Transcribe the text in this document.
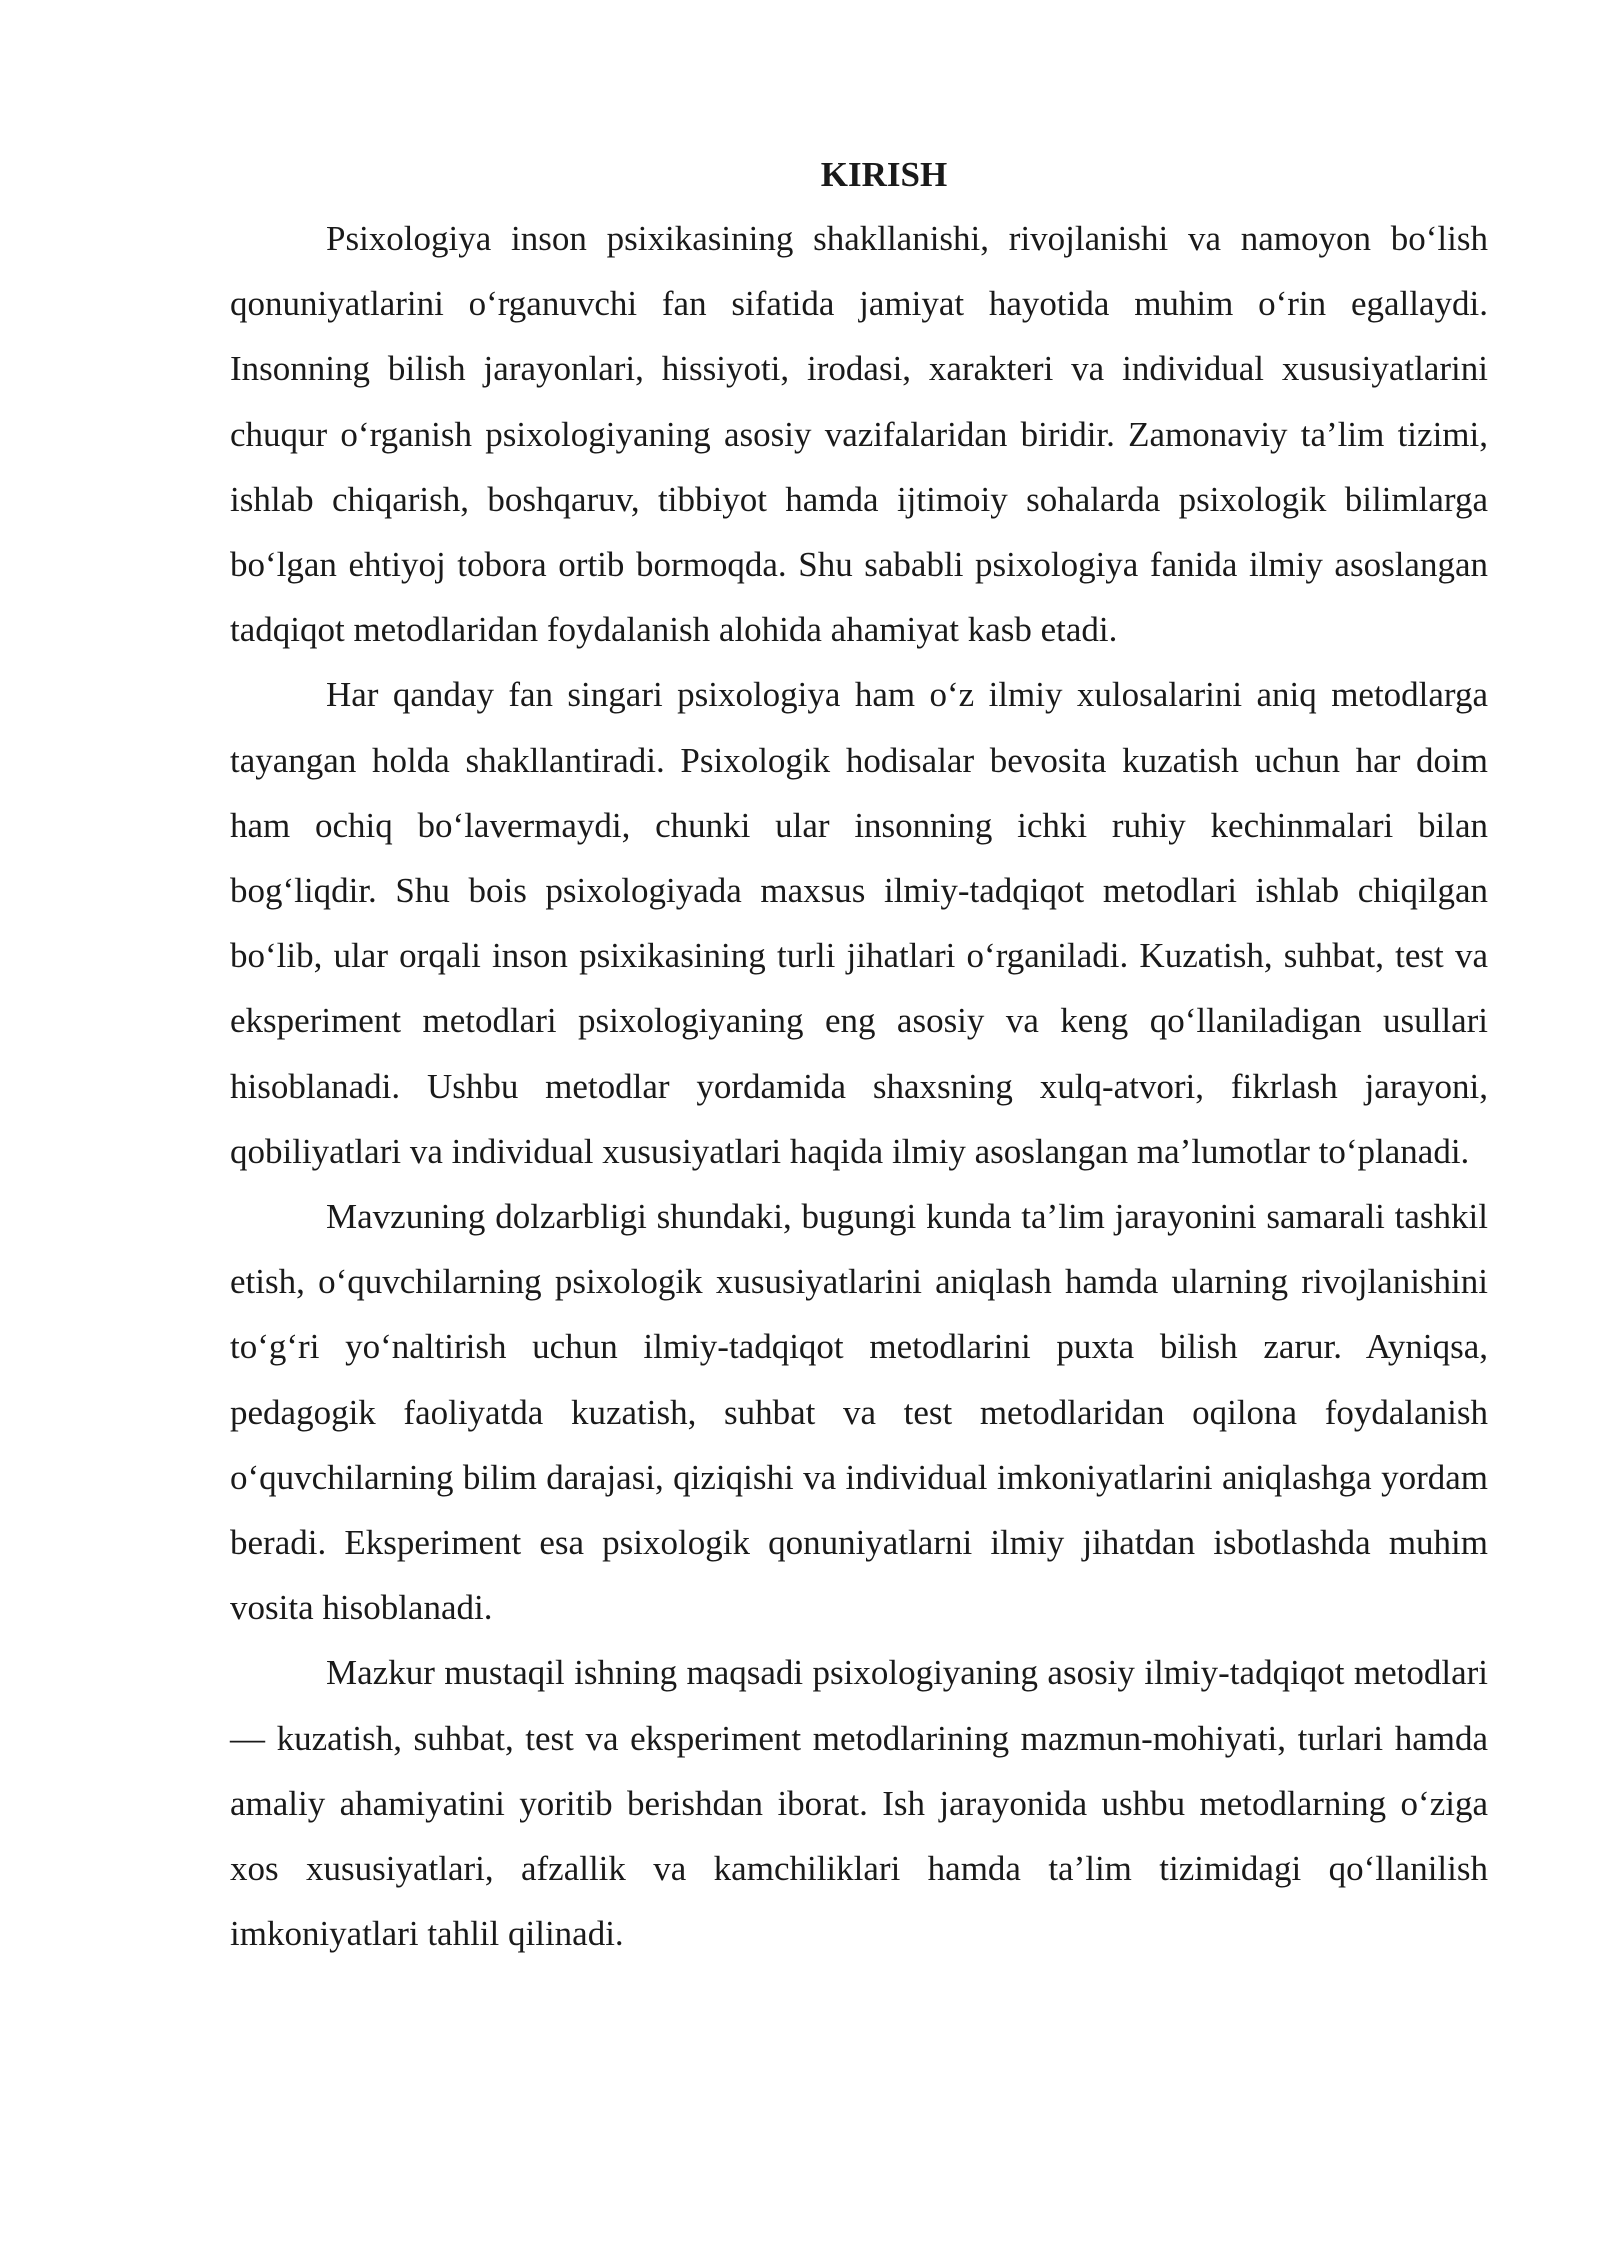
KIRISH

Psixologiya inson psixikasining shakllanishi, rivojlanishi va namoyon bo‘lish qonuniyatlarini o‘rganuvchi fan sifatida jamiyat hayotida muhim o‘rin egallaydi. Insonning bilish jarayonlari, hissiyoti, irodasi, xarakteri va individual xususiyatlarini chuqur o‘rganish psixologiyaning asosiy vazifalaridan biridir. Zamonaviy ta’lim tizimi, ishlab chiqarish, boshqaruv, tibbiyot hamda ijtimoiy sohalarda psixologik bilimlarga bo‘lgan ehtiyoj tobora ortib bormoqda. Shu sababli psixologiya fanida ilmiy asoslangan tadqiqot metodlaridan foydalanish alohida ahamiyat kasb etadi.

Har qanday fan singari psixologiya ham o‘z ilmiy xulosalarini aniq metodlarga tayangan holda shakllantiradi. Psixologik hodisalar bevosita kuzatish uchun har doim ham ochiq bo‘lavermaydi, chunki ular insonning ichki ruhiy kechinmalari bilan bog‘liqdir. Shu bois psixologiyada maxsus ilmiy-tadqiqot metodlari ishlab chiqilgan bo‘lib, ular orqali inson psixikasining turli jihatlari o‘rganiladi. Kuzatish, suhbat, test va eksperiment metodlari psixologiyaning eng asosiy va keng qo‘llaniladigan usullari hisoblanadi. Ushbu metodlar yordamida shaxsning xulq-atvori, fikrlash jarayoni, qobiliyatlari va individual xususiyatlari haqida ilmiy asoslangan ma’lumotlar to‘planadi.

Mavzuning dolzarbligi shundaki, bugungi kunda ta’lim jarayonini samarali tashkil etish, o‘quvchilarning psixologik xususiyatlarini aniqlash hamda ularning rivojlanishini to‘g‘ri yo‘naltirish uchun ilmiy-tadqiqot metodlarini puxta bilish zarur. Ayniqsa, pedagogik faoliyatda kuzatish, suhbat va test metodlaridan oqilona foydalanish o‘quvchilarning bilim darajasi, qiziqishi va individual imkoniyatlarini aniqlashga yordam beradi. Eksperiment esa psixologik qonuniyatlarni ilmiy jihatdan isbotlashda muhim vosita hisoblanadi.

Mazkur mustaqil ishning maqsadi psixologiyaning asosiy ilmiy-tadqiqot metodlari — kuzatish, suhbat, test va eksperiment metodlarining mazmun-mohiyati, turlari hamda amaliy ahamiyatini yoritib berishdan iborat. Ish jarayonida ushbu metodlarning o‘ziga xos xususiyatlari, afzallik va kamchiliklari hamda ta’lim tizimidagi qo‘llanilish imkoniyatlari tahlil qilinadi.
